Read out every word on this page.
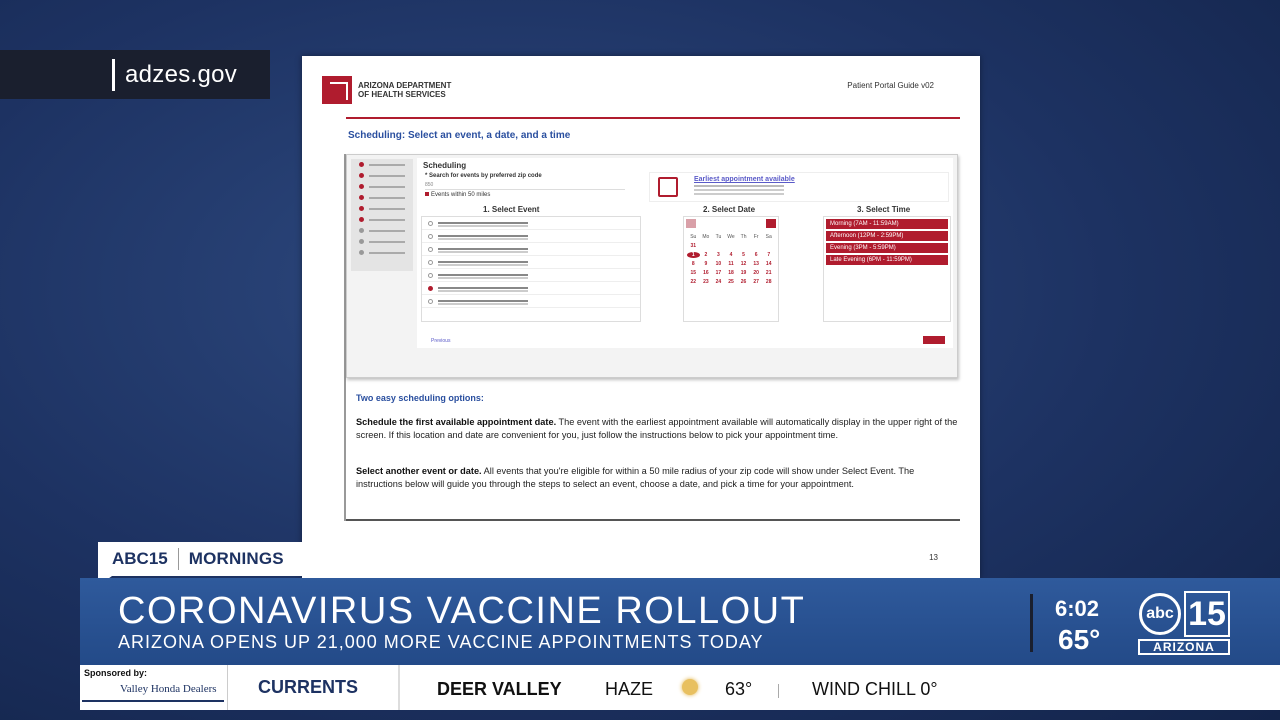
adzes.gov	ARIZONA DEPARTMENT
OF HEALTH SERVICES
Patient Portal Guide v02
Scheduling: Select an event, a date, and a time
Scheduling
* Search for events by preferred zip code
850
Events within 50 miles
Earliest appointment available
1. Select Event	2. Select Date	3. Select Time
Su	Mo	Tu	We	Th	Fr	Sa
31
1	2	3	4	5	6	7
8	9	10	11	12	13	14
15	16	17	18	19	20	21
22	23	24	25	26	27	28
Morning (7AM - 11:59AM)
Afternoon (12PM - 2:59PM)
Evening (3PM - 5:59PM)
Late Evening (6PM - 11:59PM)
Previous
Two easy scheduling options:
Schedule the first available appointment date. The event with the earliest appointment available will automatically display in the upper right of the screen. If this location and date are convenient for you, just follow the instructions below to pick your appointment time.
Select another event or date. All events that you're eligible for within a 50 mile radius of your zip code will show under Select Event. The instructions below will guide you through the steps to select an event, choose a date, and pick a time for your appointment.
13
ABC15 MORNINGS
CORONAVIRUS VACCINE ROLLOUT
ARIZONA OPENS UP 21,000 MORE VACCINE APPOINTMENTS TODAY
6:02
65°
abc 15
ARIZONA
Sponsored by:
Valley Honda Dealers CURRENTS	DEER VALLEY HAZE	63°	WIND CHILL 0°
